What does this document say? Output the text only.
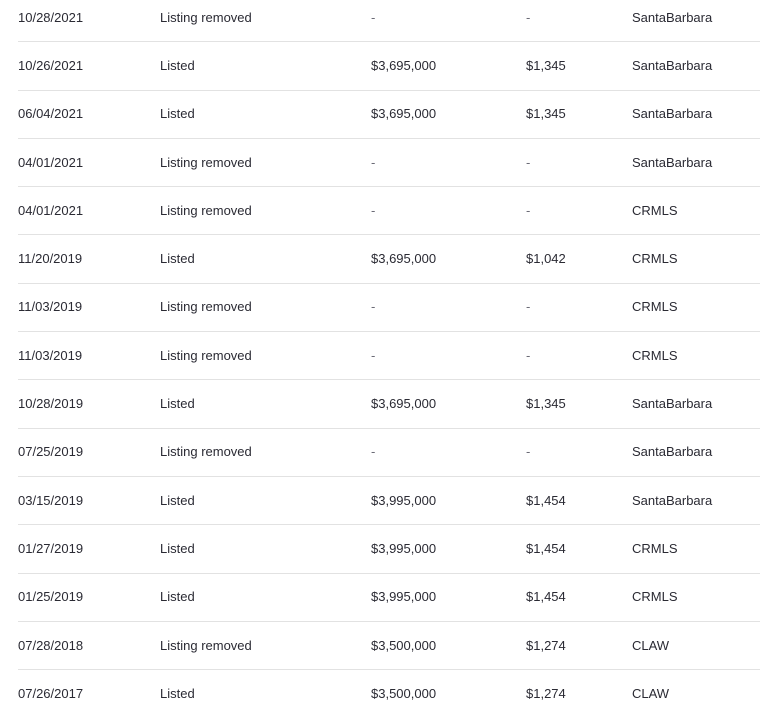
10/28/2021	Listing removed	-	-	SantaBarbara
10/26/2021	Listed	$3,695,000	$1,345	SantaBarbara
06/04/2021	Listed	$3,695,000	$1,345	SantaBarbara
04/01/2021	Listing removed	-	-	SantaBarbara
04/01/2021	Listing removed	-	-	CRMLS
11/20/2019	Listed	$3,695,000	$1,042	CRMLS
11/03/2019	Listing removed	-	-	CRMLS
11/03/2019	Listing removed	-	-	CRMLS
10/28/2019	Listed	$3,695,000	$1,345	SantaBarbara
07/25/2019	Listing removed	-	-	SantaBarbara
03/15/2019	Listed	$3,995,000	$1,454	SantaBarbara
01/27/2019	Listed	$3,995,000	$1,454	CRMLS
01/25/2019	Listed	$3,995,000	$1,454	CRMLS
07/28/2018	Listing removed	$3,500,000	$1,274	CLAW
07/26/2017	Listed	$3,500,000	$1,274	CLAW
